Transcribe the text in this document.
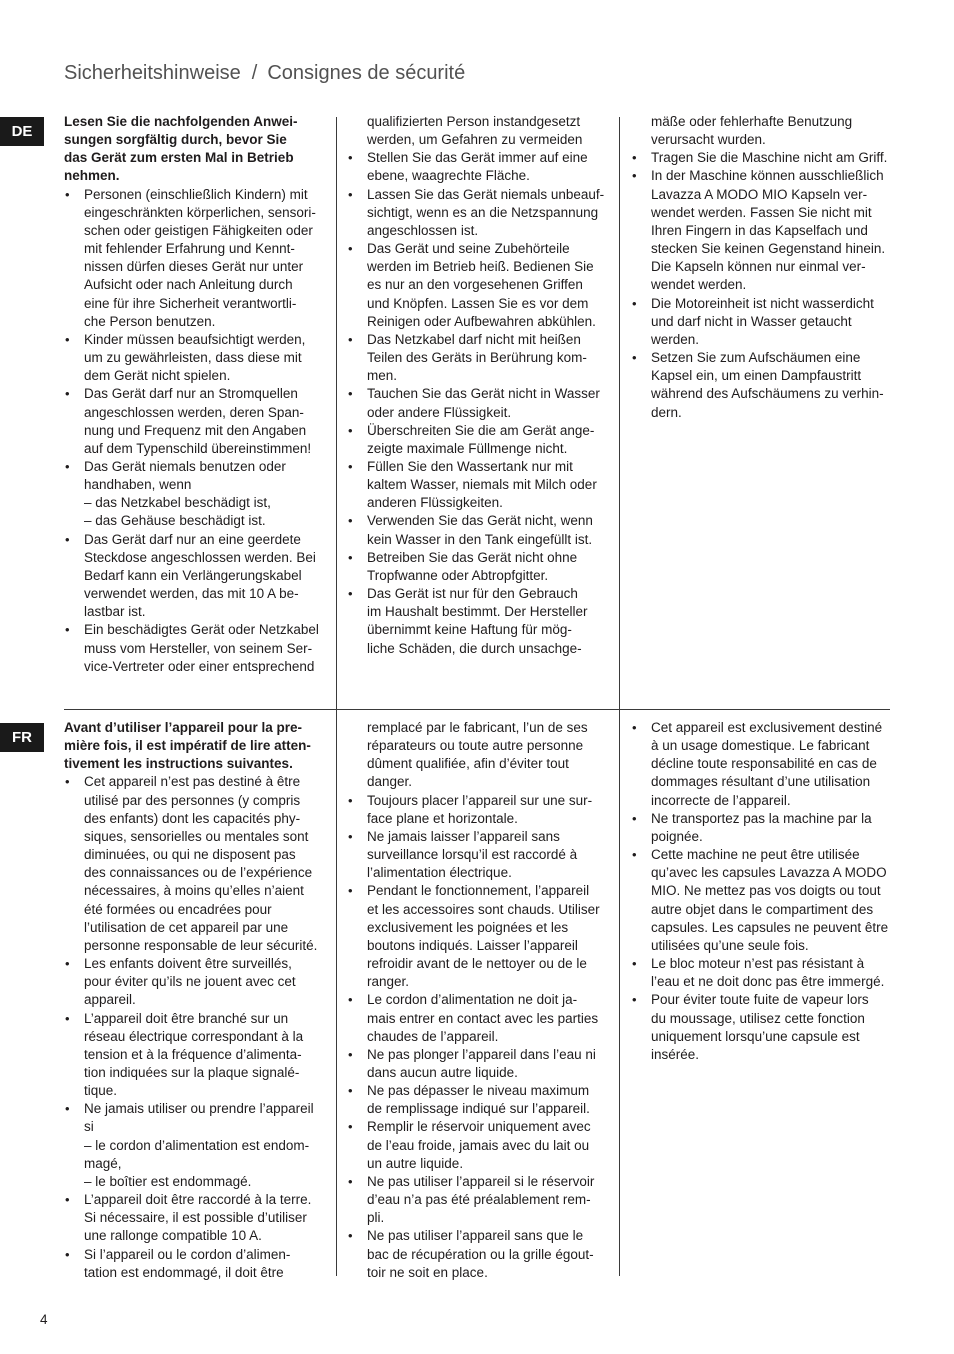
Sicherheitshinweise / Consignes de sécurité
DE
Lesen Sie die nachfolgenden Anwei-
sungen sorgfältig durch, bevor Sie
das Gerät zum ersten Mal in Betrieb
nehmen.
• Personen (einschließlich Kindern) mit
eingeschränkten körperlichen, sensori-
schen oder geistigen Fähigkeiten oder
mit fehlender Erfahrung und Kennt-
nissen dürfen dieses Gerät nur unter
Aufsicht oder nach Anleitung durch
eine für ihre Sicherheit verantwortli-
che Person benutzen.
• Kinder müssen beaufsichtigt werden,
um zu gewährleisten, dass diese mit
dem Gerät nicht spielen.
• Das Gerät darf nur an Stromquellen
angeschlossen werden, deren Span-
nung und Frequenz mit den Angaben
auf dem Typenschild übereinstimmen!
• Das Gerät niemals benutzen oder
handhaben, wenn
– das Netzkabel beschädigt ist,
– das Gehäuse beschädigt ist.
• Das Gerät darf nur an eine geerdete
Steckdose angeschlossen werden. Bei
Bedarf kann ein Verlängerungskabel
verwendet werden, das mit 10 A be-
lastbar ist.
• Ein beschädigtes Gerät oder Netzkabel
muss vom Hersteller, von seinem Ser-
vice-Vertreter oder einer entsprechend
qualifizierten Person instandgesetzt
werden, um Gefahren zu vermeiden
• Stellen Sie das Gerät immer auf eine
ebene, waagrechte Fläche.
• Lassen Sie das Gerät niemals unbeauf-
sichtigt, wenn es an die Netzspannung
angeschlossen ist.
• Das Gerät und seine Zubehörteile
werden im Betrieb heiß. Bedienen Sie
es nur an den vorgesehenen Griffen
und Knöpfen. Lassen Sie es vor dem
Reinigen oder Aufbewahren abkühlen.
• Das Netzkabel darf nicht mit heißen
Teilen des Geräts in Berührung kom-
men.
• Tauchen Sie das Gerät nicht in Wasser
oder andere Flüssigkeit.
• Überschreiten Sie die am Gerät ange-
zeigte maximale Füllmenge nicht.
• Füllen Sie den Wassertank nur mit
kaltem Wasser, niemals mit Milch oder
anderen Flüssigkeiten.
• Verwenden Sie das Gerät nicht, wenn
kein Wasser in den Tank eingefüllt ist.
• Betreiben Sie das Gerät nicht ohne
Tropfwanne oder Abtropfgitter.
• Das Gerät ist nur für den Gebrauch
im Haushalt bestimmt. Der Hersteller
übernimmt keine Haftung für mög-
liche Schäden, die durch unsachge-
mäße oder fehlerhafte Benutzung
verursacht wurden.
• Tragen Sie die Maschine nicht am Griff.
• In der Maschine können ausschließlich
Lavazza A MODO MIO Kapseln ver-
wendet werden. Fassen Sie nicht mit
Ihren Fingern in das Kapselfach und
stecken Sie keinen Gegenstand hinein.
Die Kapseln können nur einmal ver-
wendet werden.
• Die Motoreinheit ist nicht wasserdicht
und darf nicht in Wasser getaucht
werden.
• Setzen Sie zum Aufschäumen eine
Kapsel ein, um einen Dampfaustritt
während des Aufschäumens zu verhin-
dern.
FR
Avant d’utiliser l’appareil pour la pre-
mière fois, il est impératif de lire atten-
tivement les instructions suivantes.
• Cet appareil n’est pas destiné à être
utilisé par des personnes (y compris
des enfants) dont les capacités phy-
siques, sensorielles ou mentales sont
diminuées, ou qui ne disposent pas
des connaissances ou de l’expérience
nécessaires, à moins qu’elles n’aient
été formées ou encadrées pour
l’utilisation de cet appareil par une
personne responsable de leur sécurité.
• Les enfants doivent être surveillés,
pour éviter qu’ils ne jouent avec cet
appareil.
• L’appareil doit être branché sur un
réseau électrique correspondant à la
tension et à la fréquence d’alimenta-
tion indiquées sur la plaque signalé-
tique.
• Ne jamais utiliser ou prendre l’appareil
si
– le cordon d’alimentation est endom-
magé,
– le boîtier est endommagé.
• L’appareil doit être raccordé à la terre.
Si nécessaire, il est possible d’utiliser
une rallonge compatible 10 A.
• Si l’appareil ou le cordon d’alimen-
tation est endommagé, il doit être
remplacé par le fabricant, l’un de ses
réparateurs ou toute autre personne
dûment qualifiée, afin d’éviter tout
danger.
• Toujours placer l’appareil sur une sur-
face plane et horizontale.
• Ne jamais laisser l’appareil sans
surveillance lorsqu’il est raccordé à
l’alimentation électrique.
• Pendant le fonctionnement, l’appareil
et les accessoires sont chauds. Utiliser
exclusivement les poignées et les
boutons indiqués. Laisser l’appareil
refroidir avant de le nettoyer ou de le
ranger.
• Le cordon d’alimentation ne doit ja-
mais entrer en contact avec les parties
chaudes de l’appareil.
• Ne pas plonger l’appareil dans l’eau ni
dans aucun autre liquide.
• Ne pas dépasser le niveau maximum
de remplissage indiqué sur l’appareil.
• Remplir le réservoir uniquement avec
de l’eau froide, jamais avec du lait ou
un autre liquide.
• Ne pas utiliser l’appareil si le réservoir
d’eau n’a pas été préalablement rem-
pli.
• Ne pas utiliser l’appareil sans que le
bac de récupération ou la grille égout-
toir ne soit en place.
• Cet appareil est exclusivement destiné
à un usage domestique. Le fabricant
décline toute responsabilité en cas de
dommages résultant d’une utilisation
incorrecte de l’appareil.
• Ne transportez pas la machine par la
poignée.
• Cette machine ne peut être utilisée
qu’avec les capsules Lavazza A MODO
MIO. Ne mettez pas vos doigts ou tout
autre objet dans le compartiment des
capsules. Les capsules ne peuvent être
utilisées qu’une seule fois.
• Le bloc moteur n’est pas résistant à
l’eau et ne doit donc pas être immergé.
• Pour éviter toute fuite de vapeur lors
du moussage, utilisez cette fonction
uniquement lorsqu’une capsule est
insérée.
4
